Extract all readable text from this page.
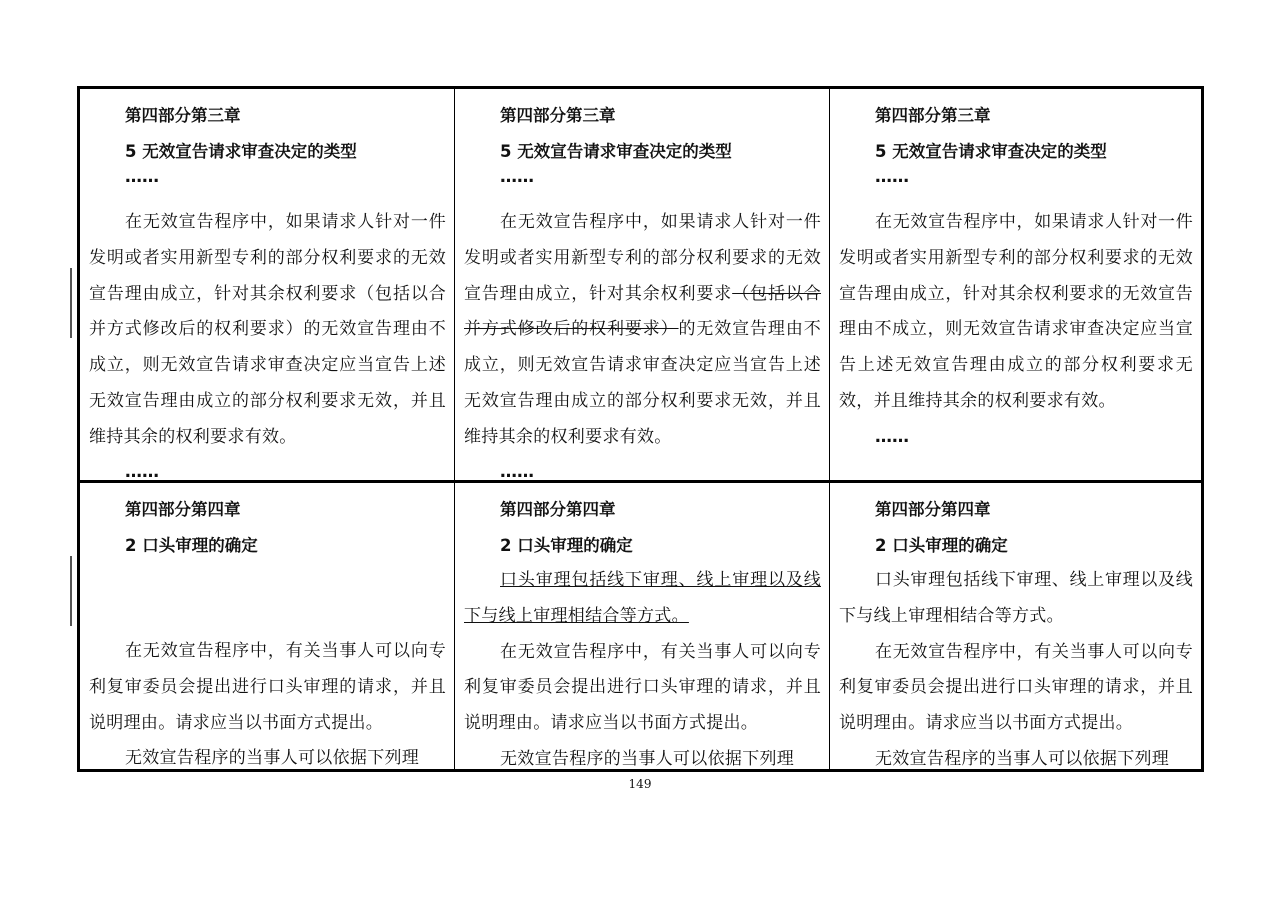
第四部分第三章
5 无效宣告请求审查决定的类型
……
在无效宣告程序中，如果请求人针对一件发明或者实用新型专利的部分权利要求的无效宣告理由成立，针对其余权利要求（包括以合并方式修改后的权利要求）的无效宣告理由不成立，则无效宣告请求审查决定应当宣告上述无效宣告理由成立的部分权利要求无效，并且维持其余的权利要求有效。
……
第四部分第三章
5 无效宣告请求审查决定的类型
……
在无效宣告程序中，如果请求人针对一件发明或者实用新型专利的部分权利要求的无效宣告理由成立，针对其余权利要求（包括以合并方式修改后的权利要求）的无效宣告理由不成立，则无效宣告请求审查决定应当宣告上述无效宣告理由成立的部分权利要求无效，并且维持其余的权利要求有效。
……
第四部分第三章
5 无效宣告请求审查决定的类型
……
在无效宣告程序中，如果请求人针对一件发明或者实用新型专利的部分权利要求的无效宣告理由成立，针对其余权利要求的无效宣告理由不成立，则无效宣告请求审查决定应当宣告上述无效宣告理由成立的部分权利要求无效，并且维持其余的权利要求有效。
……
第四部分第四章
2 口头审理的确定
在无效宣告程序中，有关当事人可以向专利复审委员会提出进行口头审理的请求，并且说明理由。请求应当以书面方式提出。
无效宣告程序的当事人可以依据下列理
第四部分第四章
2 口头审理的确定
口头审理包括线下审理、线上审理以及线下与线上审理相结合等方式。
在无效宣告程序中，有关当事人可以向专利复审委员会提出进行口头审理的请求，并且说明理由。请求应当以书面方式提出。
无效宣告程序的当事人可以依据下列理
第四部分第四章
2 口头审理的确定
口头审理包括线下审理、线上审理以及线下与线上审理相结合等方式。
在无效宣告程序中，有关当事人可以向专利复审委员会提出进行口头审理的请求，并且说明理由。请求应当以书面方式提出。
无效宣告程序的当事人可以依据下列理
149
